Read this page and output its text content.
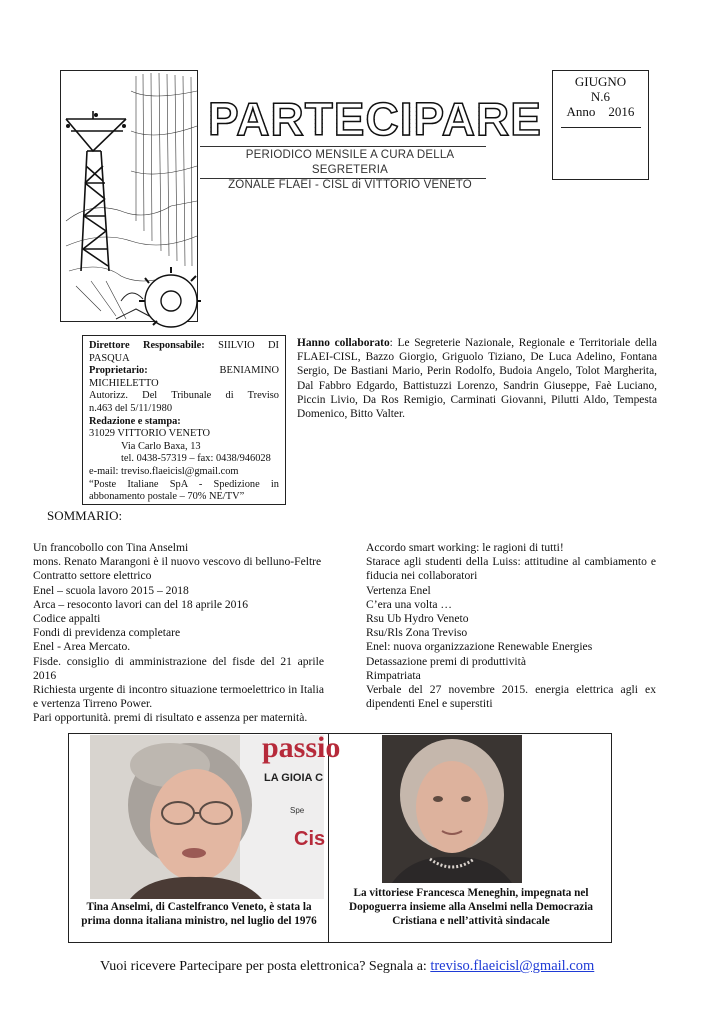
PARTECIPARE
PERIODICO MENSILE A CURA DELLA SEGRETERIA
ZONALE FLAEI - CISL di VITTORIO VENETO
GIUGNO
N.6
Anno    2016
Direttore Responsabile: SIILVIO DI
PASQUA
Proprietario:	BENIAMINO
MICHIELETTO
Autorizz. Del Tribunale di Treviso
n.463 del 5/11/1980
Redazione e stampa:
31029 VITTORIO VENETO
Via Carlo Baxa, 13
tel. 0438-57319 – fax: 0438/946028
e-mail: treviso.flaeicisl@gmail.com
“Poste Italiane SpA - Spedizione in
abbonamento postale – 70% NE/TV”
Hanno collaborato: Le Segreterie Nazionale, Regionale e Territoriale della FLAEI-CISL, Bazzo Giorgio, Griguolo Tiziano, De Luca Adelino, Fontana Sergio, De Bastiani Mario, Perin Rodolfo, Budoia Angelo, Tolot Margherita, Dal Fabbro Edgardo, Battistuzzi Lorenzo, Sandrin Giuseppe, Faè Luciano, Piccin Livio, Da Ros Remigio, Carminati Giovanni, Pilutti Aldo, Tempesta Domenico, Bitto Valter.
SOMMARIO:
Un francobollo con Tina Anselmi
mons. Renato Marangoni è il nuovo vescovo di belluno-Feltre
Contratto settore elettrico
Enel – scuola lavoro 2015 – 2018
Arca – resoconto lavori can del 18 aprile 2016
Codice appalti
Fondi di previdenza completare
Enel - Area Mercato.
Fisde. consiglio di amministrazione del fisde del 21 aprile 2016
Richiesta urgente di incontro situazione termoelettrico in Italia e vertenza Tirreno Power.
Pari opportunità. premi di risultato e assenza per maternità.
Accordo smart working: le ragioni di tutti!
Starace agli studenti della Luiss: attitudine al cambiamento e fiducia nei collaboratori
Vertenza Enel
C’era una volta …
Rsu Ub Hydro Veneto
Rsu/Rls Zona Treviso
Enel: nuova organizzazione Renewable Energies
Detassazione premi di produttività
Rimpatriata
Verbale del 27 novembre 2015. energia elettrica agli ex dipendenti Enel e superstiti
passio
LA GIOIA C
Spe
Cis
Tina Anselmi, di Castelfranco Veneto, è stata la prima donna italiana ministro, nel luglio del 1976
La vittoriese Francesca Meneghin, impegnata nel Dopoguerra insieme alla Anselmi nella Democrazia Cristiana e nell’attività sindacale
Vuoi ricevere Partecipare per posta elettronica? Segnala a: treviso.flaeicisl@gmail.com
